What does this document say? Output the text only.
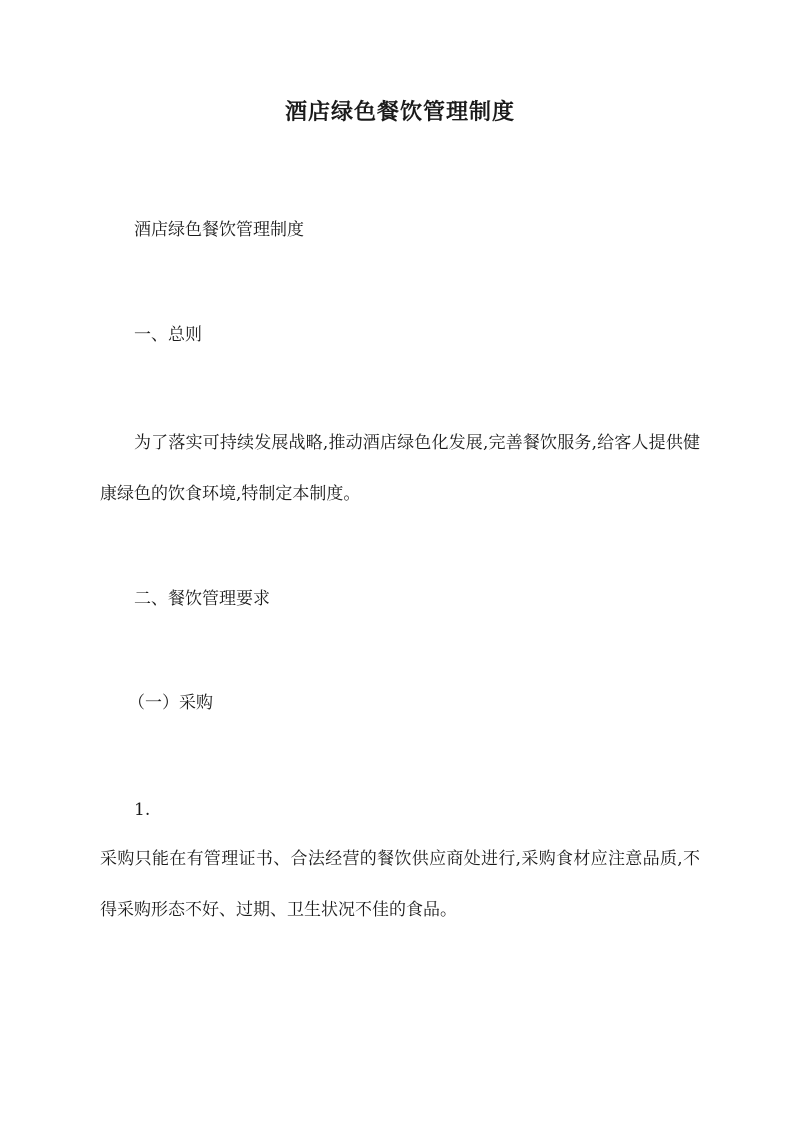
酒店绿色餐饮管理制度
酒店绿色餐饮管理制度
一、总则
为了落实可持续发展战略,推动酒店绿色化发展,完善餐饮服务,给客人提供健康绿色的饮食环境,特制定本制度。
二、餐饮管理要求
（一）采购
1.
采购只能在有管理证书、合法经营的餐饮供应商处进行,采购食材应注意品质,不得采购形态不好、过期、卫生状况不佳的食品。
